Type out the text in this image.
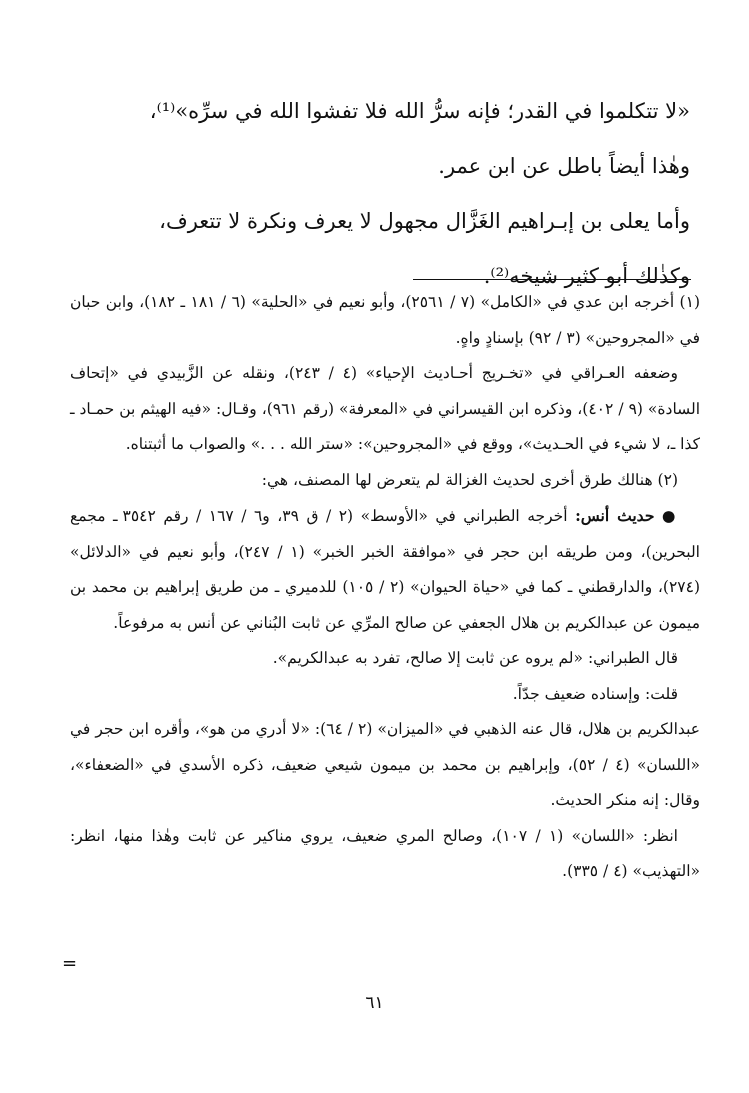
«لا تتكلموا في القدر؛ فإنه سرُّ الله فلا تفشوا الله في سرِّه»⁽¹⁾،

وهٰذا أيضاً باطل عن ابن عمر.

وأما يعلى بن إبـراهيم الغَزَّال مجهول لا يعرف ونكرة لا تتعرف،

وكذٰلك أبو كثير شيخه⁽²⁾.

(١) أخرجه ابن عدي في «الكامل» (٧ / ٢٥٦١)، وأبو نعيم في «الحلية» (٦ / ١٨١ ـ ١٨٢)، وابن حبان في «المجروحين» (٣ / ٩٢) بإسنادٍ واهٍ.

وضعفه العـراقي في «تخـريج أحـاديث الإحياء» (٤ / ٢٤٣)، ونقله عن الزَّبيدي في «إتحاف السادة» (٩ / ٤٠٢)، وذكره ابن القيسراني في «المعرفة» (رقم ٩٦١)، وقـال: «فيه الهيثم بن حمـاد ـ كذا ـ، لا شيء في الحـديث»، ووقع في «المجروحين»: «ستر الله . . .» والصواب ما أثبتناه.

(٢) هنالك طرق أخرى لحديث الغزالة لم يتعرض لها المصنف، هي:

● حديث أنس: أخرجه الطبراني في «الأوسط» (٢ / ق ٣٩، و٦ / ١٦٧ / رقم ٣٥٤٢ ـ مجمع البحرين)، ومن طريقه ابن حجر في «موافقة الخبر الخبر» (١ / ٢٤٧)، وأبو نعيم في «الدلائل» (٢٧٤)، والدارقطني ـ كما في «حياة الحيوان» (٢ / ١٠٥) للدميري ـ من طريق إبراهيم بن محمد بن ميمون عن عبدالكريم بن هلال الجعفي عن صالح المرِّي عن ثابت البُناني عن أنس به مرفوعاً.

قال الطبراني: «لم يروه عن ثابت إلا صالح، تفرد به عبدالكريم».

قلت: وإسناده ضعيف جدّاً.

عبدالكريم بن هلال، قال عنه الذهبي في «الميزان» (٢ / ٦٤): «لا أدري من هو»، وأقره ابن حجر في «اللسان» (٤ / ٥٢)، وإبراهيم بن محمد بن ميمون شيعي ضعيف، ذكره الأسدي في «الضعفاء»، وقال: إنه منكر الحديث.

انظر: «اللسان» (١ / ١٠٧)، وصالح المري ضعيف، يروي مناكير عن ثابت وهٰذا منها، انظر: «التهذيب» (٤ / ٣٣٥).

=
٦١
